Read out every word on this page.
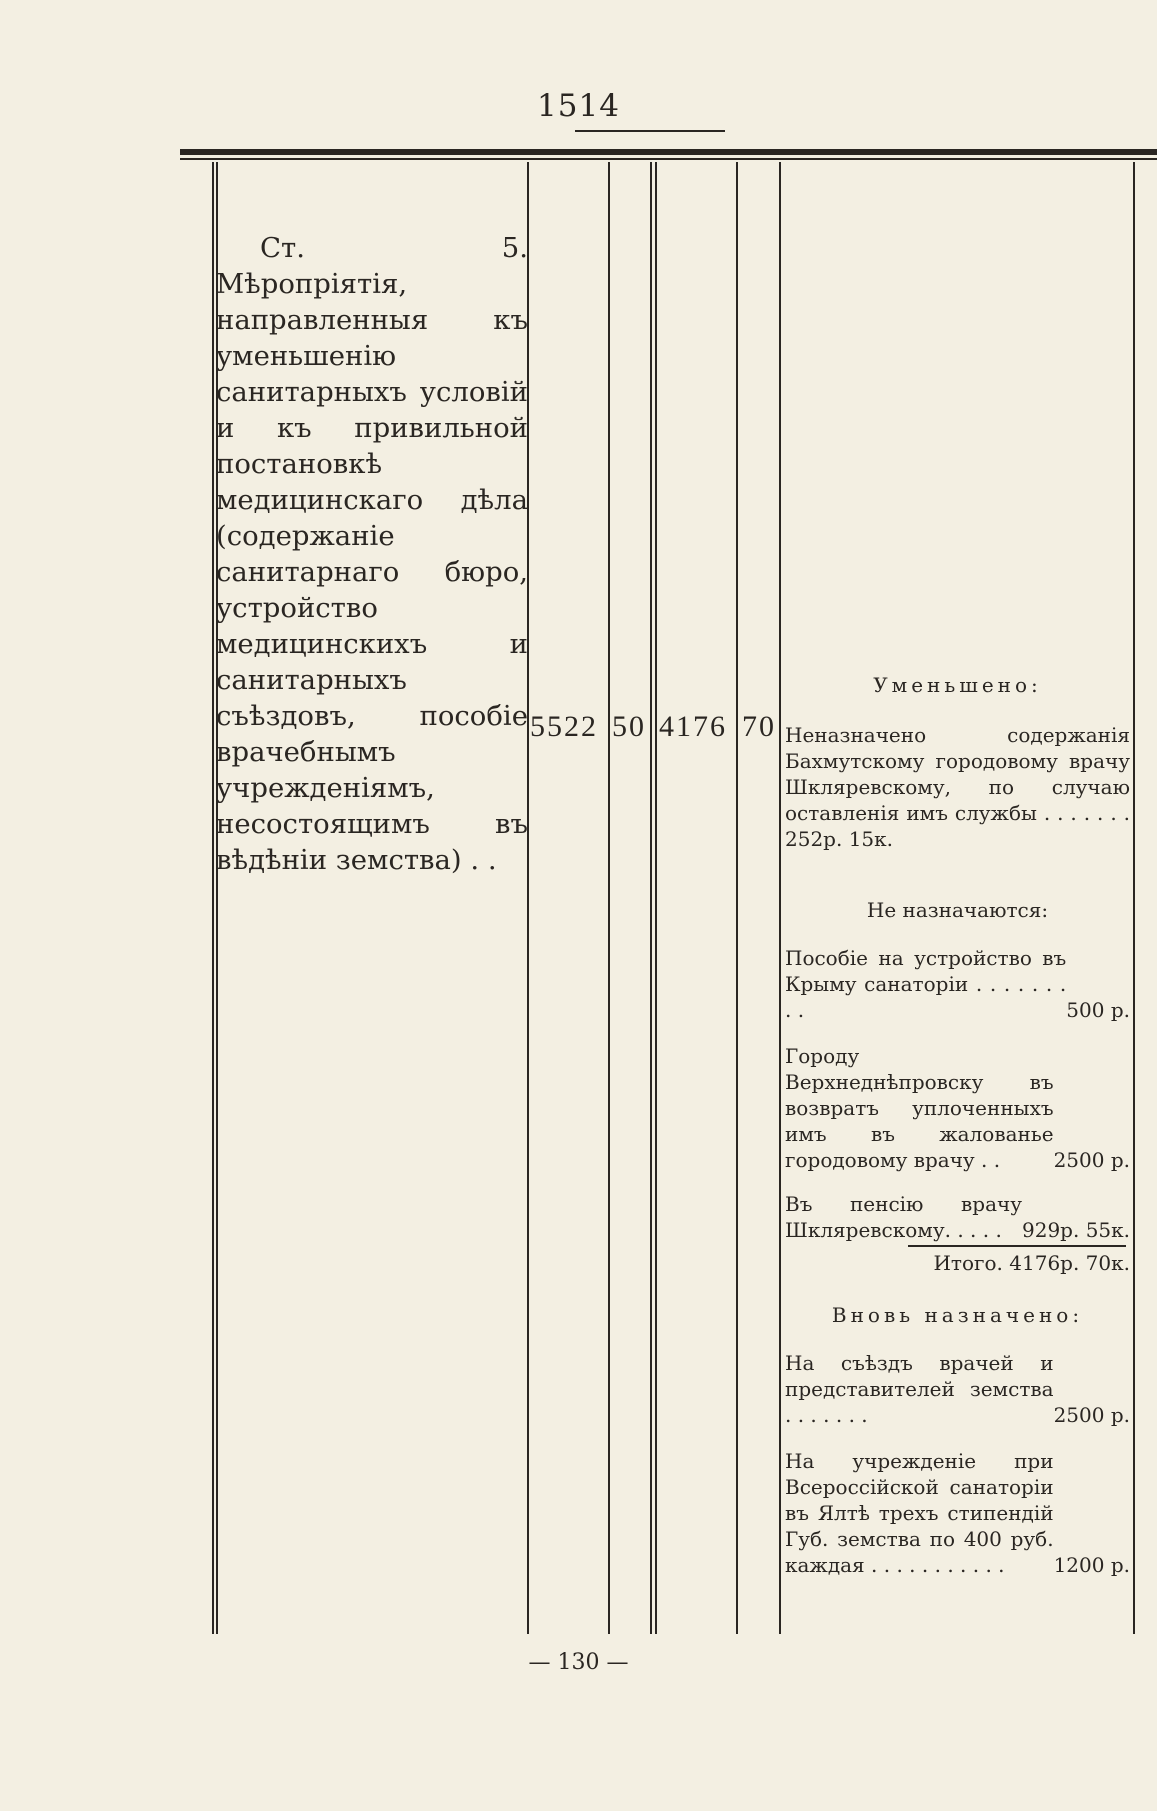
1514
Ст. 5. Мѣропріятія, направленныя къ уменьшенію санитарныхъ условій и къ привильной постановкѣ медицинскаго дѣла (содержаніе санитарнаго бюро, устройство медицинскихъ и санитарныхъ съѣздовъ, пособіе врачебнымъ учрежденіямъ, несостоящимъ въ вѣдѣніи земства) . .
5522 50 4176 70
Уменьшено:
Неназначено содержанія Бахмутскому городовому врачу Шкляревскому, по случаю оставленія имъ службы . . . . . . . 252р. 15к.
Не назначаются:
Пособіе на устройство въ Крыму санаторіи . . . . . . . . .	500 р.
Городу Верхнеднѣпровску въ возвратъ уплоченныхъ имъ въ жалованье городовому врачу . .	2500 р.
Въ пенсію врачу Шкляревскому. . . . .	929р. 55к.
Итого. 4176р. 70к.
Вновь назначено:
На съѣздъ врачей и представителей земства . . . . . . .	2500 р.
На учрежденіе при Всероссійской санаторіи въ Ялтѣ трехъ стипендій Губ. земства по 400 руб. каждая . . . . . . . . . . .	1200 р.
— 130 —
